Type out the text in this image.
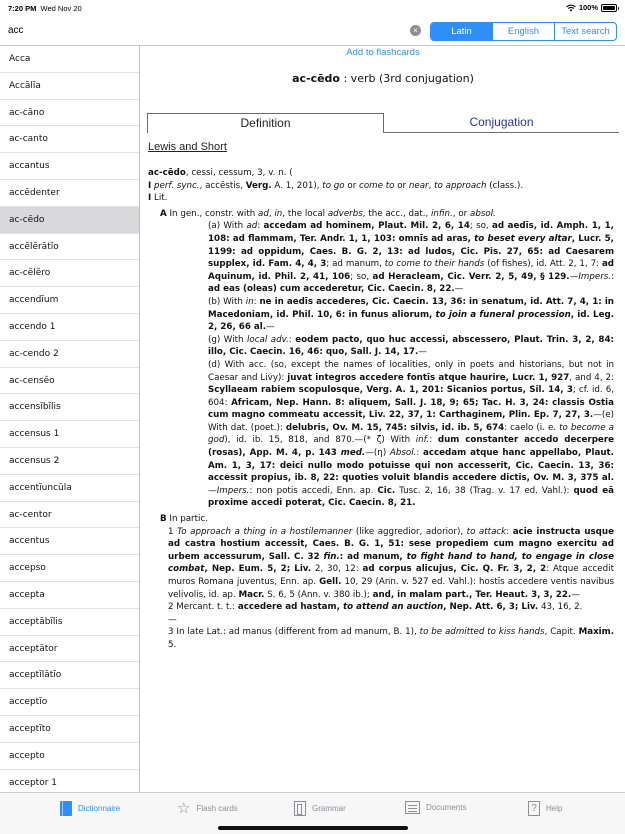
7:20 PM Wed Nov 20	100%
acc
×	Latin	English	Text search
Acca
Accālĭa
ac-cāno
ac-canto
accantus
accēdenter
ac-cēdo
accĕlĕrātĭo
ac-cĕlĕro
accendĭum
accendo 1
ac-cendo 2
ac-censĕo
accensĭbĭlis
accensus 1
accensus 2
accentĭuncŭla
ac-centor
accentus
accepso
accepta
acceptābĭlis
acceptātor
acceptĭlātĭo
acceptĭo
acceptĭto
accepto
acceptor 1
Add to flashcards
ac-cēdo : verb (3rd conjugation)
Definition	Conjugation
Lewis and Short
ac-cēdo, cessi, cessum, 3, v. n. (
I perf. sync., accēstis, Verg. A. 1, 201), to go or come to or near, to approach (class.).
I Lit.
A In gen., constr. with ad, in, the local adverbs, the acc., dat., infin., or absol.
(a) With ad: accedam ad hominem, Plaut. Mil. 2, 6, 14; so, ad aedīs, id. Amph. 1, 1, 108: ad flammam, Ter. Andr. 1, 1, 103: omnīs ad aras, to beset every altar, Lucr. 5, 1199: ad oppidum, Caes. B. G. 2, 13: ad ludos, Cic. Pis. 27, 65: ad Caesarem supplex, id. Fam. 4, 4, 3; ad manum, to come to their hands (of fishes), id. Att. 2, 1, 7: ad Aquinum, id. Phil. 2, 41, 106; so, ad Heracleam, Cic. Verr. 2, 5, 49, § 129.—Impers.: ad eas (oleas) cum accederetur, Cic. Caecin. 8, 22.—
(b) With in: ne in aedīs accederes, Cic. Caecin. 13, 36: in senatum, id. Att. 7, 4, 1: in Macedoniam, id. Phil. 10, 6: in funus aliorum, to join a funeral procession, id. Leg. 2, 26, 66 al.—
(g) With local adv.: eodem pacto, quo huc accessi, abscessero, Plaut. Trin. 3, 2, 84: illo, Cic. Caecin. 16, 46: quo, Sall. J. 14, 17.—
(d) With acc. (so, except the names of localities, only in poets and historians, but not in Caesar and Livy): juvat integros accedere fontīs atque haurire, Lucr. 1, 927, and 4, 2: Scyllaeam rabiem scopulosque, Verg. A. 1, 201: Sicanios portus, Sil. 14, 3; cf. id. 6, 604: Africam, Nep. Hann. 8: aliquem, Sall. J. 18, 9; 65; Tac. H. 3, 24: classis Ostia cum magno commeatu accessit, Liv. 22, 37, 1: Carthaginem, Plin. Ep. 7, 27, 3.—(e) With dat. (poet.): delubris, Ov. M. 15, 745: silvis, id. ib. 5, 674: caelo (i. e. to become a god), id. ib. 15, 818, and 870.—(* ζ) With inf.: dum constanter accedo decerpere (rosas), App. M. 4, p. 143 med.—(η) Absol.: accedam atque hanc appellabo, Plaut. Am. 1, 3, 17: deici nullo modo potuisse qui non accesserit, Cic. Caecin. 13, 36: accessit propius, ib. 8, 22: quoties voluit blandis accedere dictis, Ov. M. 3, 375 al.—Impers.: non potis accedi, Enn. ap. Cic. Tusc. 2, 16, 38 (Trag. v. 17 ed. Vahl.): quod eā proxime accedi poterat, Cic. Caecin. 8, 21.
B In partic.
1 To approach a thing in a hostilemanner (like aggredior, adorior), to attack: acie instructa usque ad castra hostium accessit, Caes. B. G. 1, 51: sese propediem cum magno exercitu ad urbem accessurum, Sall. C. 32 fin.: ad manum, to fight hand to hand, to engage in close combat, Nep. Eum. 5, 2; Liv. 2, 30, 12: ad corpus alicujus, Cic. Q. Fr. 3, 2, 2: Atque accedit muros Romana juventus, Enn. ap. Gell. 10, 29 (Ann. v. 527 ed. Vahl.): hostīs accedere ventis navibus velivolis, id. ap. Macr. S. 6, 5 (Ann. v. 380 ib.); and, in malam part., Ter. Heaut. 3, 3, 22.—
2 Mercant. t. t.: accedere ad hastam, to attend an auction, Nep. Att. 6, 3; Liv. 43, 16, 2.
—
3 In late Lat.: ad manus (different from ad manum, B. 1), to be admitted to kiss hands, Capit. Maxim. 5.
Dictionnaire	☆ Flash cards	Grammar	Documents	?	Help
